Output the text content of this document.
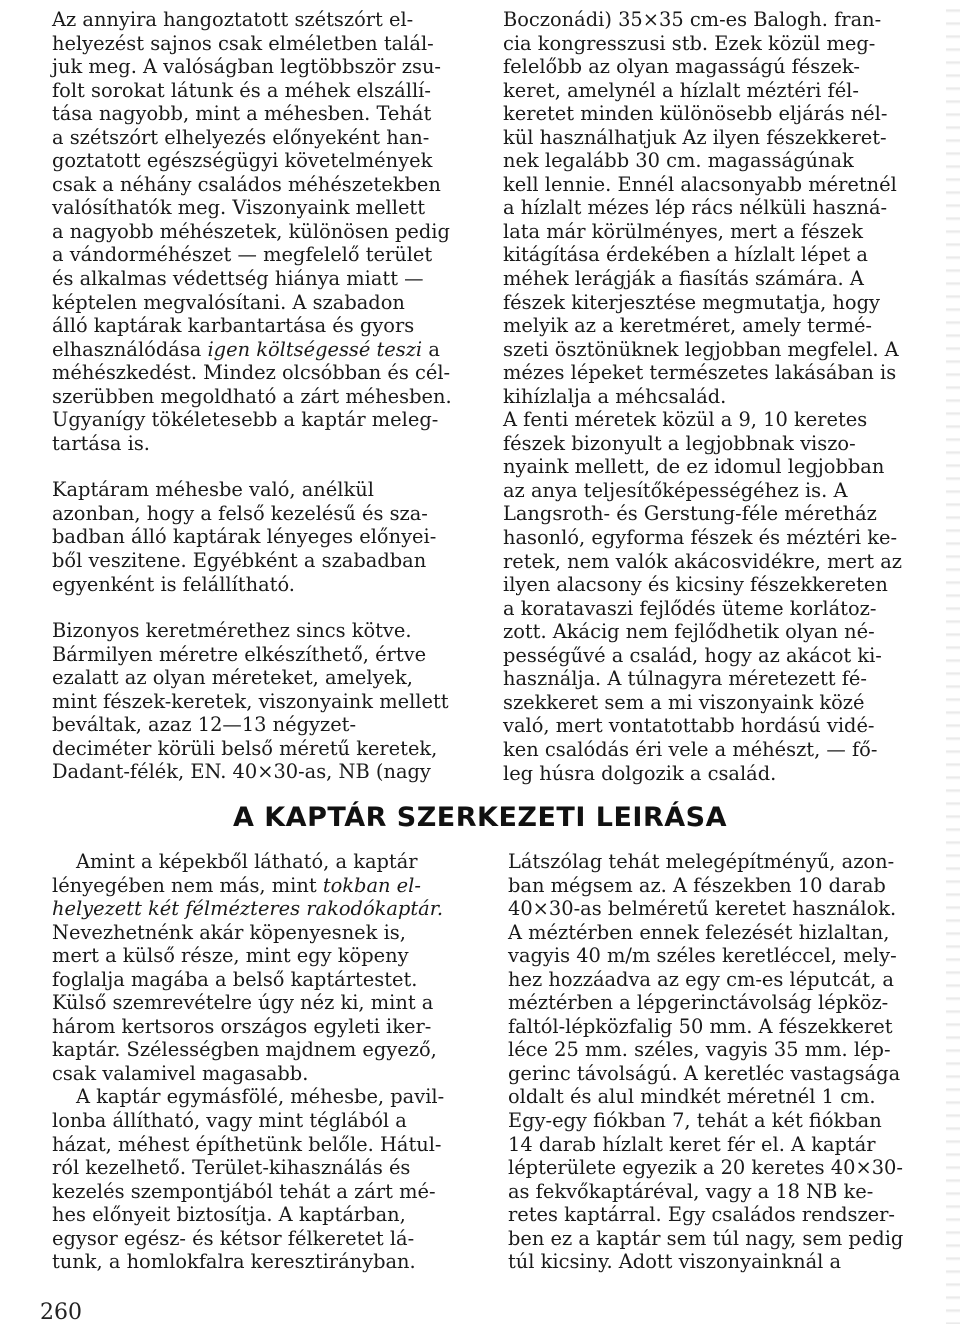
Az annyira hangoztatott szétszórt el-

helyezést sajnos csak elméletben talál-

juk meg. A valóságban legtöbbször zsu-

folt sorokat látunk és a méhek elszállí-

tása nagyobb, mint a méhesben. Tehát

a szétszórt elhelyezés előnyeként han-

goztatott egészségügyi követelmények

csak a néhány családos méhészetekben

valósíthatók meg. Viszonyaink mellett

a nagyobb méhészetek, különösen pedig

a vándorméhészet — megfelelő terület

és alkalmas védettség hiánya miatt —

képtelen megvalósítani. A szabadon

álló kaptárak karbantartása és gyors

elhasználódása igen költségessé teszi a

méhészkedést. Mindez olcsóbban és cél-

szerübben megoldható a zárt méhesben.

Ugyanígy tökéletesebb a kaptár meleg-

tartása is.

Kaptáram méhesbe való, anélkül

azonban, hogy a felső kezelésű és sza-

badban álló kaptárak lényeges előnyei-

ből veszitene. Egyébként a szabadban

egyenként is felállítható.

Bizonyos keretmérethez sincs kötve.

Bármilyen méretre elkészíthető, értve

ezalatt az olyan méreteket, amelyek,

mint fészek-keretek, viszonyaink mellett

beváltak, azaz 12—13 négyzet-

deciméter körüli belső méretű keretek,

Dadant-félék, EN. 40×30-as, NB (nagy

Boczonádi) 35×35 cm-es Balogh. fran-

cia kongresszusi stb. Ezek közül meg-

felelőbb az olyan magasságú fészek-

keret, amelynél a hízlalt méztéri fél-

keretet minden különösebb eljárás nél-

kül használhatjuk Az ilyen fészekkeret-

nek legalább 30 cm. magasságúnak

kell lennie. Ennél alacsonyabb méretnél

a hízlalt mézes lép rács nélküli haszná-

lata már körülményes, mert a fészek

kitágítása érdekében a hízlalt lépet a

méhek lerágják a fiasítás számára. A

fészek kiterjesztése megmutatja, hogy

melyik az a keretméret, amely termé-

szeti ösztönüknek legjobban megfelel. A

mézes lépeket természetes lakásában is

kihízlalja a méhcsalád.

A fenti méretek közül a 9, 10 keretes

fészek bizonyult a legjobbnak viszo-

nyaink mellett, de ez idomul legjobban

az anya teljesítőképességéhez is. A

Langsroth- és Gerstung-féle méretház

hasonló, egyforma fészek és méztéri ke-

retek, nem valók akácosvidékre, mert az

ilyen alacsony és kicsiny fészekkereten

a koratavaszi fejlődés üteme korlátoz-

zott. Akácig nem fejlődhetik olyan né-

pességűvé a család, hogy az akácot ki-

használja. A túlnagyra méretezett fé-

szekkeret sem a mi viszonyaink közé

való, mert vontatottabb hordású vidé-

ken csalódás éri vele a méhészt, — fő-

leg húsra dolgozik a család.

A KAPTÁR SZERKEZETI LEIRÁSA

Amint a képekből látható, a kaptár

lényegében nem más, mint tokban el-

helyezett két félmézteres rakodókaptár.

Nevezhetnénk akár köpenyesnek is,

mert a külső része, mint egy köpeny

foglalja magába a belső kaptártestet.

Külső szemrevételre úgy néz ki, mint a

három kertsoros országos egyleti iker-

kaptár. Szélességben majdnem egyező,

csak valamivel magasabb.

A kaptár egymásfölé, méhesbe, pavil-

lonba állítható, vagy mint téglából a

házat, méhest építhetünk belőle. Hátul-

ról kezelhető. Terület-kihasználás és

kezelés szempontjából tehát a zárt mé-

hes előnyeit biztosítja. A kaptárban,

egysor egész- és kétsor félkeretet lá-

tunk, a homlokfalra keresztirányban.

Látszólag tehát melegépítményű, azon-

ban mégsem az. A fészekben 10 darab

40×30-as belméretű keretet használok.

A méztérben ennek felezését hizlaltan,

vagyis 40 m/m széles keretléccel, mely-

hez hozzáadva az egy cm-es léputcát, a

méztérben a lépgerinctávolság lépköz-

faltól-lépközfalig 50 mm. A fészekkeret

léce 25 mm. széles, vagyis 35 mm. lép-

gerinc távolságú. A keretléc vastagsága

oldalt és alul mindkét méretnél 1 cm.

Egy-egy fiókban 7, tehát a két fiókban

14 darab hízlalt keret fér el. A kaptár

lépterülete egyezik a 20 keretes 40×30-

as fekvőkaptáréval, vagy a 18 NB ke-

retes kaptárral. Egy családos rendszer-

ben ez a kaptár sem túl nagy, sem pedig

túl kicsiny. Adott viszonyainknál a

260
